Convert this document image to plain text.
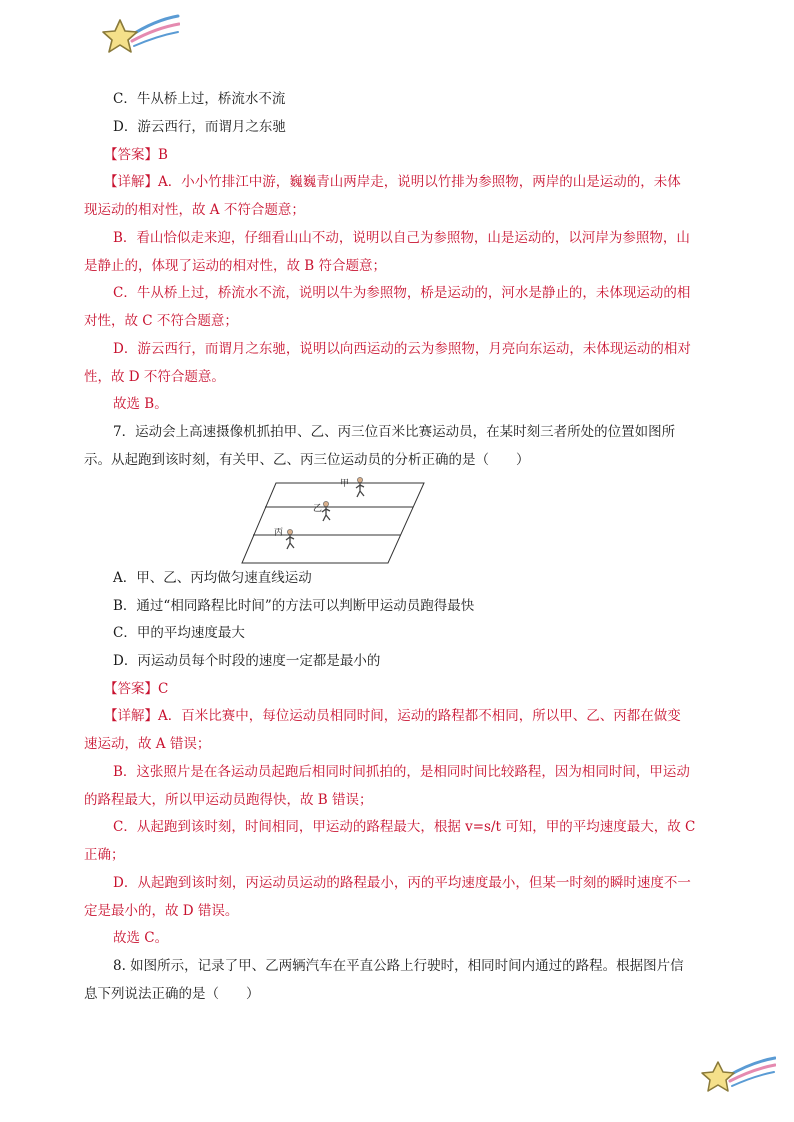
C．牛从桥上过，桥流水不流
D．游云西行，而谓月之东驰
【答案】B
【详解】A．小小竹排江中游，巍巍青山两岸走，说明以竹排为参照物，两岸的山是运动的，未体
现运动的相对性，故 A 不符合题意；
B．看山恰似走来迎，仔细看山山不动，说明以自己为参照物，山是运动的，以河岸为参照物，山
是静止的，体现了运动的相对性，故 B 符合题意；
C．牛从桥上过，桥流水不流，说明以牛为参照物，桥是运动的，河水是静止的，未体现运动的相
对性，故 C 不符合题意；
D．游云西行，而谓月之东驰，说明以向西运动的云为参照物，月亮向东运动，未体现运动的相对
性，故 D 不符合题意。
故选 B。
7．运动会上高速摄像机抓拍甲、乙、丙三位百米比赛运动员，在某时刻三者所处的位置如图所
示。从起跑到该时刻，有关甲、乙、丙三位运动员的分析正确的是（　　）
A．甲、乙、丙均做匀速直线运动
B．通过“相同路程比时间”的方法可以判断甲运动员跑得最快
C．甲的平均速度最大
D．丙运动员每个时段的速度一定都是最小的
【答案】C
【详解】A．百米比赛中，每位运动员相同时间，运动的路程都不相同，所以甲、乙、丙都在做变
速运动，故 A 错误；
B．这张照片是在各运动员起跑后相同时间抓拍的，是相同时间比较路程，因为相同时间，甲运动
的路程最大，所以甲运动员跑得快，故 B 错误；
C．从起跑到该时刻，时间相同，甲运动的路程最大，根据 v=s/t 可知，甲的平均速度最大，故 C
正确；
D．从起跑到该时刻，丙运动员运动的路程最小，丙的平均速度最小，但某一时刻的瞬时速度不一
定是最小的，故 D 错误。
故选 C。
8. 如图所示，记录了甲、乙两辆汽车在平直公路上行驶时，相同时间内通过的路程。根据图片信
息下列说法正确的是（　　）
甲
乙
丙
